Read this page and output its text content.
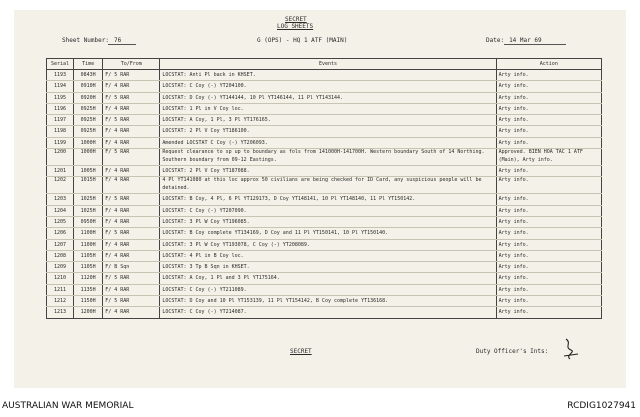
SECRET
LOG SHEETS
Sheet Number: 76	G (OPS) - HQ 1 ATF (MAIN)	Date: 14 Mar 69
Serial	Time	To/From	Events	Action
1193	0843H	F/ 5 RAR	LOCSTAT: Anti Pl back in KHSET.	Arty info.
1194	0910H	F/ 4 RAR	LOCSTAT: C Coy (-) YT204100.	Arty info.
1195	0920H	F/ 5 RAR	LOCSTAT: D Coy (-) YT144144, 10 Pl YT146144, 11 Pl YT143144.	Arty info.
1196	0925H	F/ 4 RAR	LOCSTAT: 1 Pl in V Coy loc.	Arty info.
1197	0925H	F/ 5 RAR	LOCSTAT: A Coy, 1 Pl, 3 Pl YT176165.	Arty info.
1198	0925H	F/ 4 RAR	LOCSTAT: 2 Pl V Coy YT186100.	Arty info.
1199	1000H	F/ 4 RAR	Amended LOCSTAT C Coy (-) YT206093.	Arty info.
1200	1000H	F/ 5 RAR	Request clearance to sp up to boundary as fols from 141000H-141700H. Western boundary South of 14 Northing. Southern boundary from 09-12 Eastings.	Approved. BIEN HOA TAC 1 ATF (Main), Arty info.
1201	1005H	F/ 4 RAR	LOCSTAT: 2 Pl V Coy YT187088.	Arty info.
1202	1015H	F/ 4 RAR	4 Pl YT141080 at this loc approx 50 civilians are being checked for ID Card, any suspicious people will be detained.	Arty info.
1203	1025H	F/ 5 RAR	LOCSTAT: B Coy, 4 Pl, 6 Pl YT129173, D Coy YT148141, 10 Pl YT148140, 11 Pl YT150142.	Arty info.
1204	1025H	F/ 4 RAR	LOCSTAT: C Coy (-) YT207090.	Arty info.
1205	0950H	F/ 4 RAR	LOCSTAT: 3 Pl W Coy YT196085.	Arty info.
1206	1100H	F/ 5 RAR	LOCSTAT: B Coy complete YT134169, D Coy and 11 Pl YT150141, 10 Pl YT150140.	Arty info.
1207	1100H	F/ 4 RAR	LOCSTAT: 3 Pl W Coy YT193078, C Coy (-) YT208089.	Arty info.
1208	1105H	F/ 4 RAR	LOCSTAT: 4 Pl in B Coy loc.	Arty info.
1209	1105H	F/ B Sqn	LOCSTAT: 3 Tp B Sqn in KHSET.	Arty info.
1210	1120H	F/ 5 RAR	LOCSTAT: A Coy, 1 Pl and 3 Pl YT175164.	Arty info.
1211	1135H	F/ 4 RAR	LOCSTAT: C Coy (-) YT211089.	Arty info.
1212	1150H	F/ 5 RAR	LOCSTAT: D Coy and 10 Pl YT153139, 11 Pl YT154142, B Coy complete YT136168.	Arty info.
1213	1200H	F/ 4 RAR	LOCSTAT: C Coy (-) YT214087.	Arty info.
SECRET	Duty Officer's Ints:
AUSTRALIAN WAR MEMORIAL	RCDIG1027941
